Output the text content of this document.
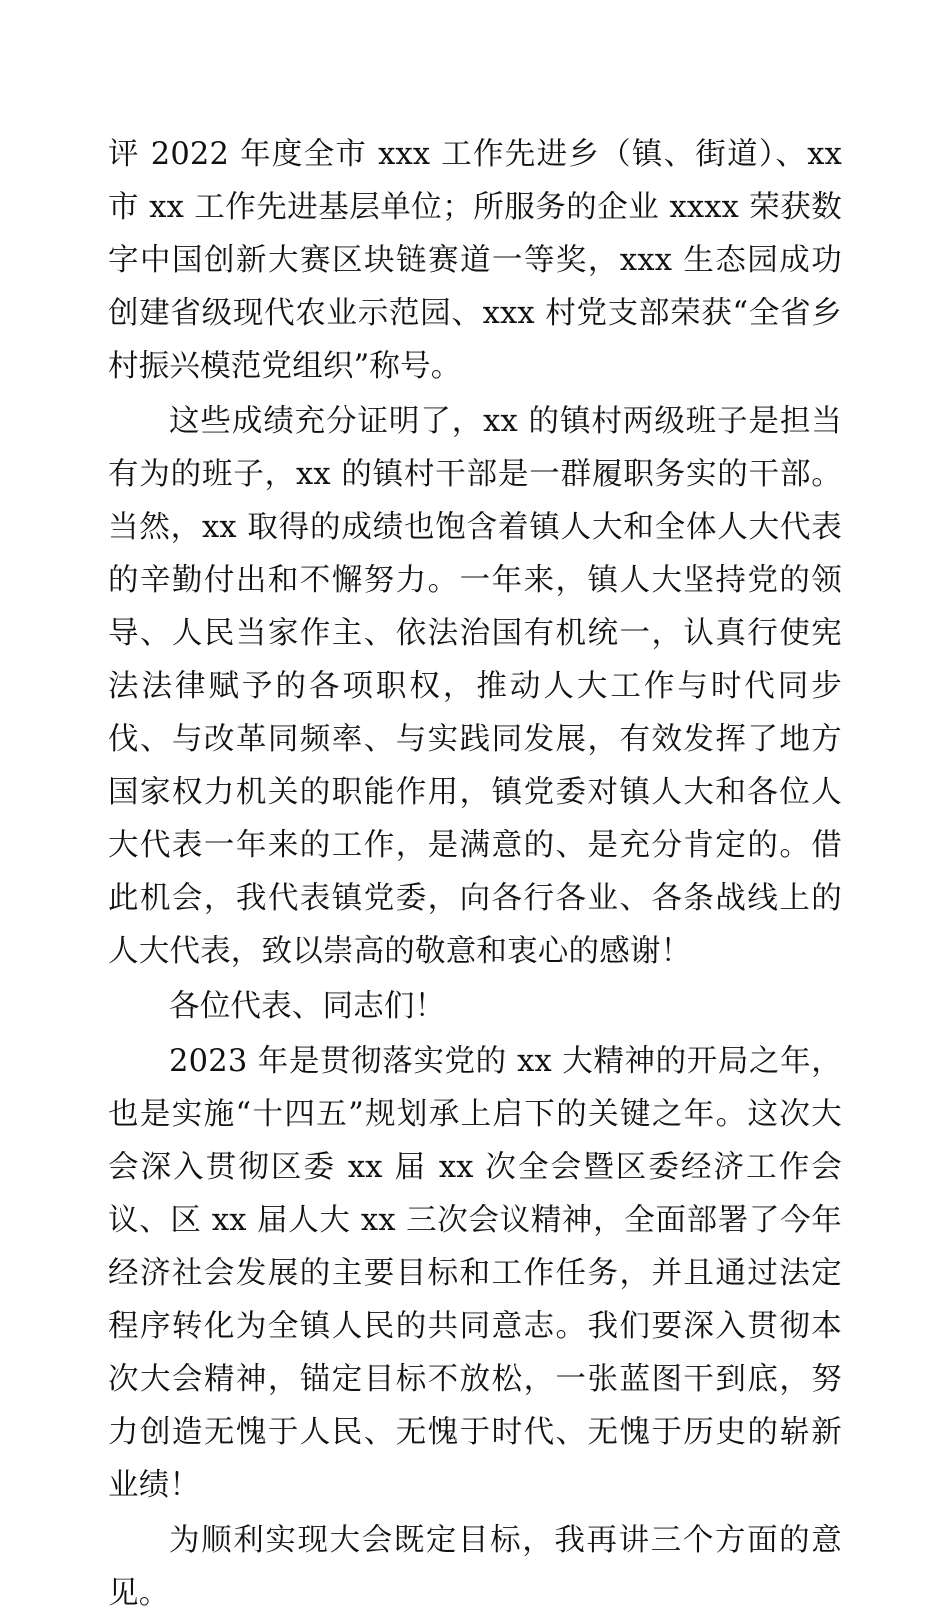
评 2022 年度全市 xxx 工作先进乡（镇、街道）、xx 市 xx 工作先进基层单位；所服务的企业 xxxx 荣获数字中国创新大赛区块链赛道一等奖，xxx 生态园成功创建省级现代农业示范园、xxx 村党支部荣获“全省乡村振兴模范党组织”称号。

这些成绩充分证明了，xx 的镇村两级班子是担当有为的班子，xx 的镇村干部是一群履职务实的干部。当然，xx 取得的成绩也饱含着镇人大和全体人大代表的辛勤付出和不懈努力。一年来，镇人大坚持党的领导、人民当家作主、依法治国有机统一，认真行使宪法法律赋予的各项职权，推动人大工作与时代同步伐、与改革同频率、与实践同发展，有效发挥了地方国家权力机关的职能作用，镇党委对镇人大和各位人大代表一年来的工作，是满意的、是充分肯定的。借此机会，我代表镇党委，向各行各业、各条战线上的人大代表，致以崇高的敬意和衷心的感谢！

各位代表、同志们！

2023 年是贯彻落实党的 xx 大精神的开局之年，也是实施“十四五”规划承上启下的关键之年。这次大会深入贯彻区委 xx 届 xx 次全会暨区委经济工作会议、区 xx 届人大 xx 三次会议精神，全面部署了今年经济社会发展的主要目标和工作任务，并且通过法定程序转化为全镇人民的共同意志。我们要深入贯彻本次大会精神，锚定目标不放松，一张蓝图干到底，努力创造无愧于人民、无愧于时代、无愧于历史的崭新业绩！

为顺利实现大会既定目标，我再讲三个方面的意见。
